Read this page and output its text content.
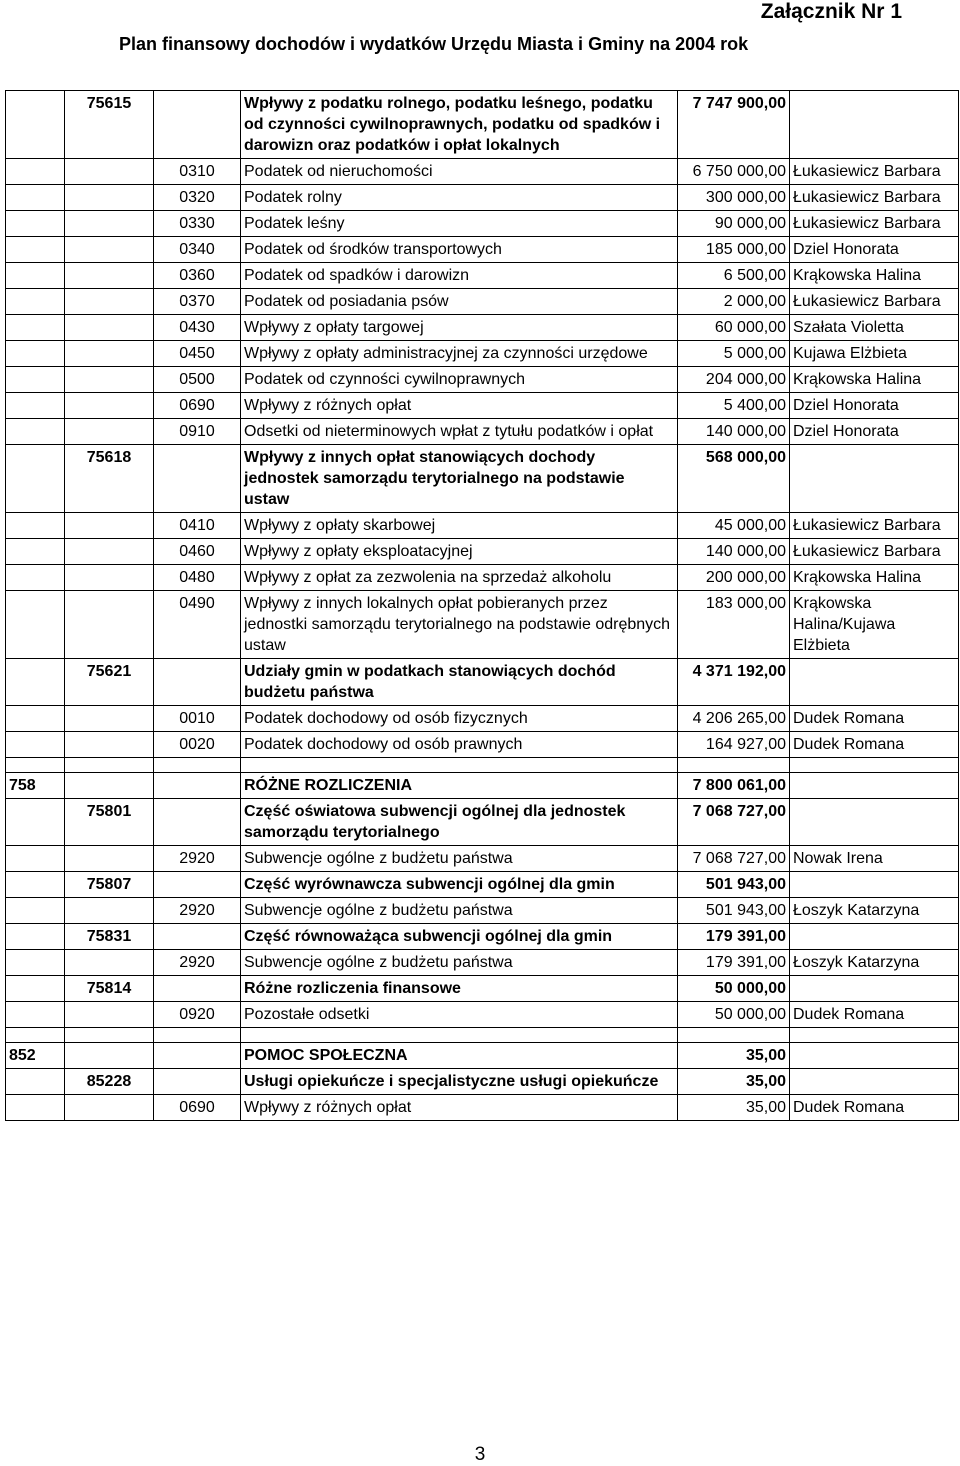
Załącznik Nr 1
Plan finansowy dochodów i wydatków Urzędu Miasta i Gminy na 2004 rok
	75615		Wpływy z podatku rolnego, podatku leśnego, podatku od czynności cywilnoprawnych, podatku od spadków i darowizn oraz podatków i opłat lokalnych	7 747 900,00	
		0310	Podatek od nieruchomości	6 750 000,00	Łukasiewicz Barbara
		0320	Podatek rolny	300 000,00	Łukasiewicz Barbara
		0330	Podatek leśny	90 000,00	Łukasiewicz Barbara
		0340	Podatek od środków transportowych	185 000,00	Dziel Honorata
		0360	Podatek od spadków i darowizn	6 500,00	Krąkowska Halina
		0370	Podatek od posiadania psów	2 000,00	Łukasiewicz Barbara
		0430	Wpływy z opłaty targowej	60 000,00	Szałata Violetta
		0450	Wpływy z opłaty administracyjnej za czynności urzędowe	5 000,00	Kujawa Elżbieta
		0500	Podatek od czynności cywilnoprawnych	204 000,00	Krąkowska Halina
		0690	Wpływy z różnych opłat	5 400,00	Dziel Honorata
		0910	Odsetki od nieterminowych wpłat z tytułu podatków i opłat	140 000,00	Dziel Honorata
	75618		Wpływy z innych opłat stanowiących dochody jednostek samorządu terytorialnego na podstawie ustaw	568 000,00	
		0410	Wpływy z opłaty skarbowej	45 000,00	Łukasiewicz Barbara
		0460	Wpływy z opłaty eksploatacyjnej	140 000,00	Łukasiewicz Barbara
		0480	Wpływy z opłat za zezwolenia na sprzedaż alkoholu	200 000,00	Krąkowska Halina
		0490	Wpływy z innych lokalnych opłat pobieranych przez jednostki samorządu terytorialnego na podstawie odrębnych ustaw	183 000,00	Krąkowska Halina/Kujawa Elżbieta
	75621		Udziały gmin w podatkach stanowiących dochód budżetu państwa	4 371 192,00	
		0010	Podatek dochodowy od osób fizycznych	4 206 265,00	Dudek Romana
		0020	Podatek dochodowy od osób prawnych	164 927,00	Dudek Romana

758			RÓŻNE ROZLICZENIA	7 800 061,00	
	75801		Część oświatowa subwencji ogólnej dla jednostek samorządu terytorialnego	7 068 727,00	
		2920	Subwencje ogólne z budżetu państwa	7 068 727,00	Nowak Irena
	75807		Część wyrównawcza subwencji ogólnej dla gmin	501 943,00	
		2920	Subwencje ogólne z budżetu państwa	501 943,00	Łoszyk Katarzyna
	75831		Część równoważąca subwencji ogólnej dla gmin	179 391,00	
		2920	Subwencje ogólne z budżetu państwa	179 391,00	Łoszyk Katarzyna
	75814		Różne rozliczenia finansowe	50 000,00	
		0920	Pozostałe odsetki	50 000,00	Dudek Romana

852			POMOC SPOŁECZNA	35,00	
	85228		Usługi opiekuńcze i specjalistyczne usługi opiekuńcze	35,00	
		0690	Wpływy z różnych opłat	35,00	Dudek Romana
3
